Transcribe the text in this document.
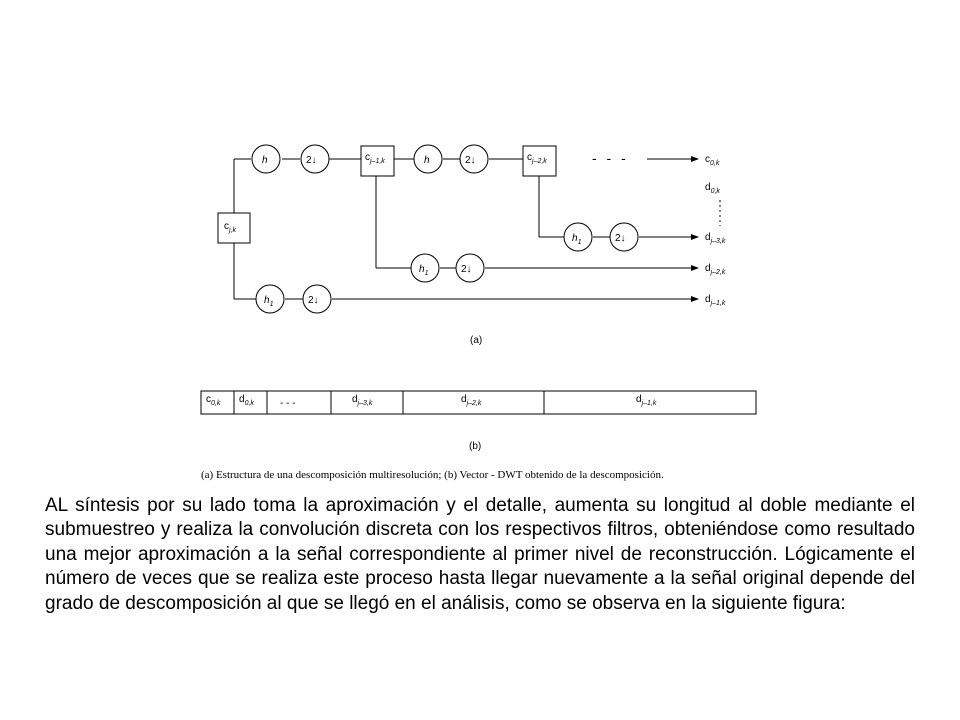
$c_{j,k}$
$c_{j-1,k}$	$c_{j-2,k}$
h	2↓	h	2↓
$h_1$	2↓
$h_1$	2↓
$h_1$	2↓
- - -	$c_{0,k}$
$d_{0,k}$
$d_{j-3,k}$
$d_{j-2,k}$
$d_{j-1,k}$
(a)
$c_{0,k}$ $d_{0,k}$	- - -	$d_{j-3,k}$	$d_{j-2,k}$	$d_{j-1,k}$
(b)
(a) Estructura de una descomposición multiresolución; (b) Vector - DWT obtenido de la descomposición.

AL síntesis por su lado toma la aproximación y el detalle, aumenta su longitud al doble mediante el submuestreo y realiza la convolución discreta con los respectivos filtros, obteniéndose como resultado una mejor aproximación a la señal correspondiente al primer nivel de reconstrucción. Lógicamente el número de veces que se realiza este proceso hasta llegar nuevamente a la señal original depende del grado de descomposición al que se llegó en el análisis, como se observa en la siguiente figura:
